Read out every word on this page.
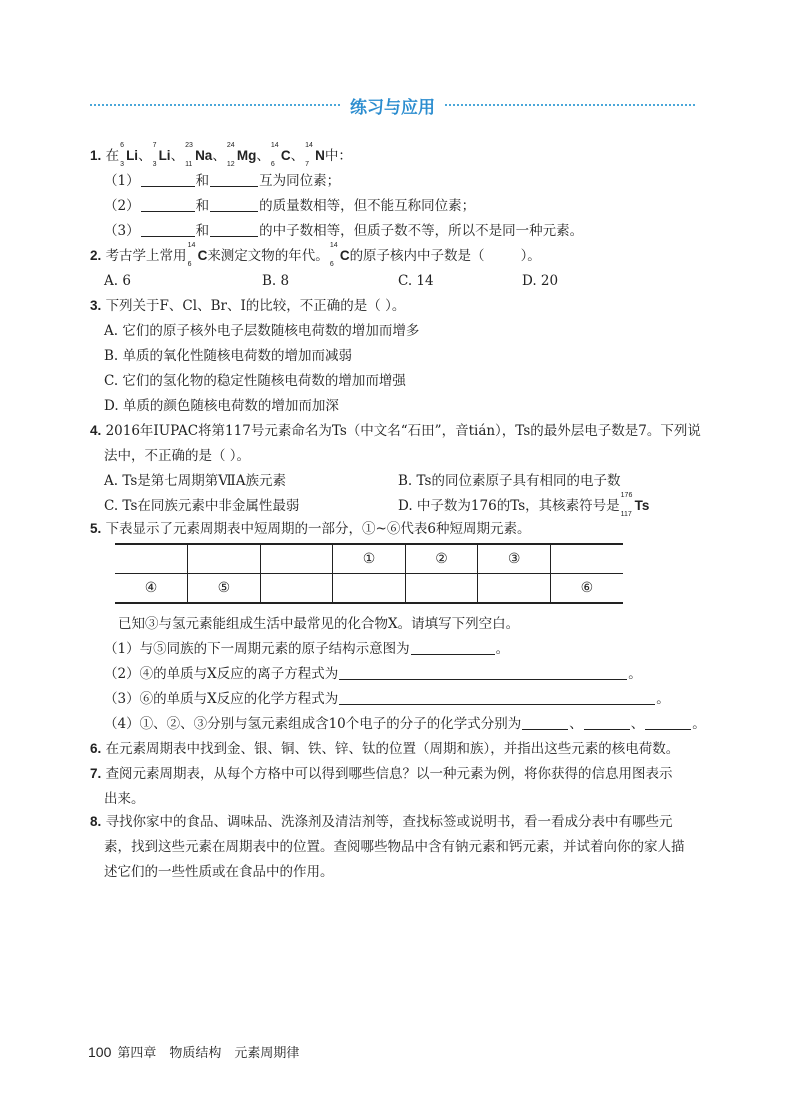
练习与应用
1. 在
6
3
Li、
7
3
Li、
23
11
Na、
24
12
Mg、
14
6
C、
14
7
N中：
（1）	和	互为同位素；
（2）	和	的质量数相等，但不能互称同位素；
（3）	和	的中子数相等，但质子数不等，所以不是同一种元素。
2. 考古学上常用
14
6
C来测定文物的年代。
14
6
C的原子核内中子数是（	）。
A. 6	B. 8	C. 14	D. 20
3. 下列关于F、Cl、Br、I的比较，不正确的是（ ）。
A. 它们的原子核外电子层数随核电荷数的增加而增多
B. 单质的氧化性随核电荷数的增加而减弱
C. 它们的氢化物的稳定性随核电荷数的增加而增强
D. 单质的颜色随核电荷数的增加而加深
4. 2016年IUPAC将第117号元素命名为Ts（中文名“石田”，音tián），Ts的最外层电子数是7。下列说
法中，不正确的是（ ）。
A. Ts是第七周期第ⅦA族元素	B. Ts的同位素原子具有相同的电子数
C. Ts在同族元素中非金属性最弱	D. 中子数为176的Ts，其核素符号是
176
117
Ts
5. 下表显示了元素周期表中短周期的一部分，①~⑥代表6种短周期元素。
			①	②	③	
④	⑤					⑥
已知③与氢元素能组成生活中最常见的化合物X。请填写下列空白。
（1）与⑤同族的下一周期元素的原子结构示意图为	。
（2）④的单质与X反应的离子方程式为	。
（3）⑥的单质与X反应的化学方程式为	。
（4）①、②、③分别与氢元素组成含10个电子的分子的化学式分别为	、	、	。
6. 在元素周期表中找到金、银、铜、铁、锌、钛的位置（周期和族），并指出这些元素的核电荷数。
7. 查阅元素周期表，从每个方格中可以得到哪些信息？以一种元素为例，将你获得的信息用图表示
出来。
8. 寻找你家中的食品、调味品、洗涤剂及清洁剂等，查找标签或说明书，看一看成分表中有哪些元
素，找到这些元素在周期表中的位置。查阅哪些物品中含有钠元素和钙元素，并试着向你的家人描
述它们的一些性质或在食品中的作用。
100 第四章　 物质结构　元素周期律
